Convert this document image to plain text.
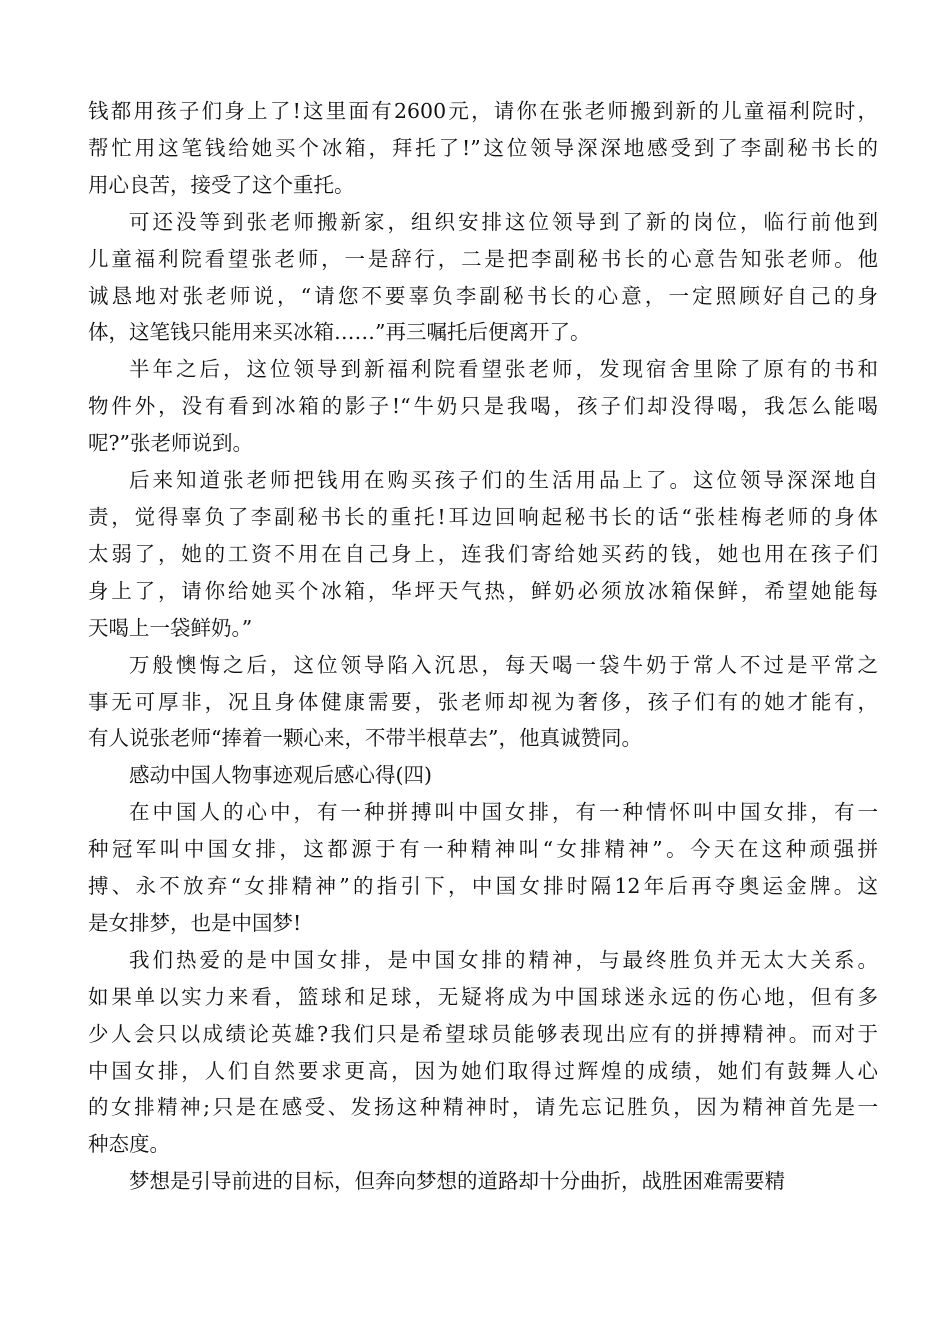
钱都用孩子们身上了!这里面有2600元，请你在张老师搬到新的儿童福利院时，
帮忙用这笔钱给她买个冰箱，拜托了!”这位领导深深地感受到了李副秘书长的
用心良苦，接受了这个重托。
可还没等到张老师搬新家，组织安排这位领导到了新的岗位，临行前他到
儿童福利院看望张老师，一是辞行，二是把李副秘书长的心意告知张老师。他
诚恳地对张老师说，“请您不要辜负李副秘书长的心意，一定照顾好自己的身
体，这笔钱只能用来买冰箱……”再三嘱托后便离开了。
半年之后，这位领导到新福利院看望张老师，发现宿舍里除了原有的书和
物件外，没有看到冰箱的影子!“牛奶只是我喝，孩子们却没得喝，我怎么能喝
呢?”张老师说到。
后来知道张老师把钱用在购买孩子们的生活用品上了。这位领导深深地自
责，觉得辜负了李副秘书长的重托!耳边回响起秘书长的话“张桂梅老师的身体
太弱了，她的工资不用在自己身上，连我们寄给她买药的钱，她也用在孩子们
身上了，请你给她买个冰箱，华坪天气热，鲜奶必须放冰箱保鲜，希望她能每
天喝上一袋鲜奶。”
万般懊悔之后，这位领导陷入沉思，每天喝一袋牛奶于常人不过是平常之
事无可厚非，况且身体健康需要，张老师却视为奢侈，孩子们有的她才能有，
有人说张老师“捧着一颗心来，不带半根草去”，他真诚赞同。
感动中国人物事迹观后感心得(四)
在中国人的心中，有一种拼搏叫中国女排，有一种情怀叫中国女排，有一
种冠军叫中国女排，这都源于有一种精神叫“女排精神”。今天在这种顽强拼
搏、永不放弃“女排精神”的指引下，中国女排时隔12年后再夺奥运金牌。这
是女排梦，也是中国梦!
我们热爱的是中国女排，是中国女排的精神，与最终胜负并无太大关系。
如果单以实力来看，篮球和足球，无疑将成为中国球迷永远的伤心地，但有多
少人会只以成绩论英雄?我们只是希望球员能够表现出应有的拼搏精神。而对于
中国女排，人们自然要求更高，因为她们取得过辉煌的成绩，她们有鼓舞人心
的女排精神;只是在感受、发扬这种精神时，请先忘记胜负，因为精神首先是一
种态度。
梦想是引导前进的目标，但奔向梦想的道路却十分曲折，战胜困难需要精
